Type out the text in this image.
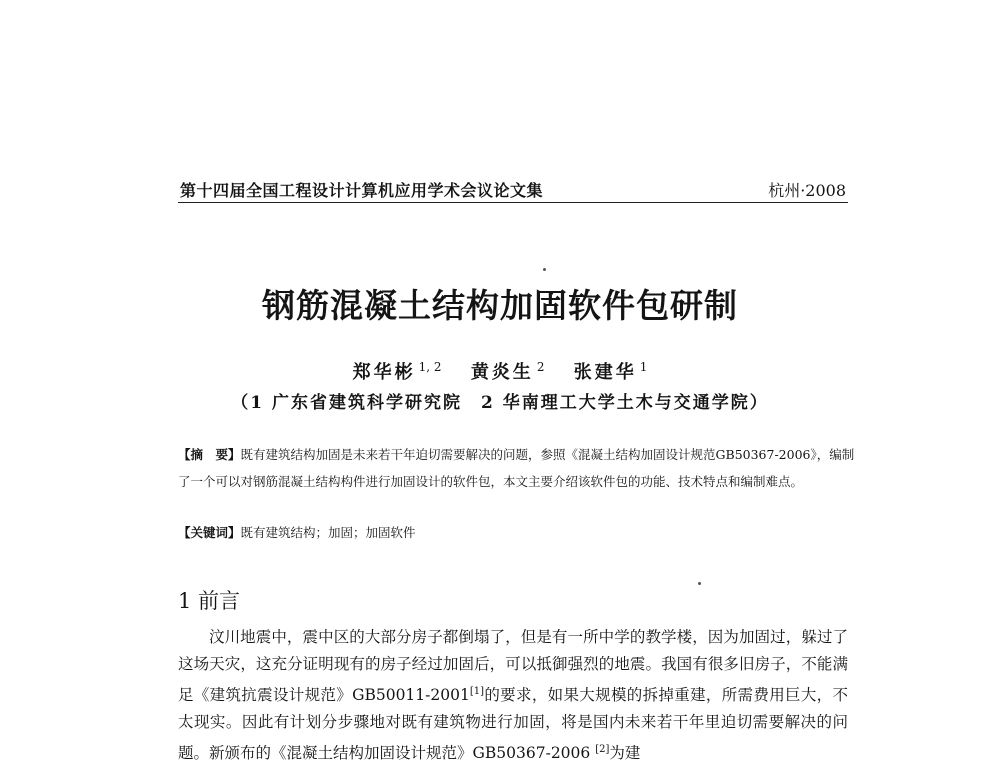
第十四届全国工程设计计算机应用学术会议论文集	杭州·2008
钢筋混凝土结构加固软件包研制
郑华彬 $^{1, 2}$ 黄炎生 $^2$ 张建华 $^1$
（1 广东省建筑科学研究院　2 华南理工大学土木与交通学院）

【摘　要】既有建筑结构加固是未来若干年迫切需要解决的问题，参照《混凝土结构加固设计规范GB50367-2006》，编制了一个可以对钢筋混凝土结构构件进行加固设计的软件包，本文主要介绍该软件包的功能、技术特点和编制难点。

【关键词】既有建筑结构；加固；加固软件
1 前言

汶川地震中，震中区的大部分房子都倒塌了，但是有一所中学的教学楼，因为加固过，躲过了这场天灾，这充分证明现有的房子经过加固后，可以抵御强烈的地震。我国有很多旧房子，不能满足《建筑抗震设计规范》GB50011-2001[1]的要求，如果大规模的拆掉重建，所需费用巨大，不太现实。因此有计划分步骤地对既有建筑物进行加固，将是国内未来若干年里迫切需要解决的问题。新颁布的《混凝土结构加固设计规范》GB50367-2006 [2]为建
